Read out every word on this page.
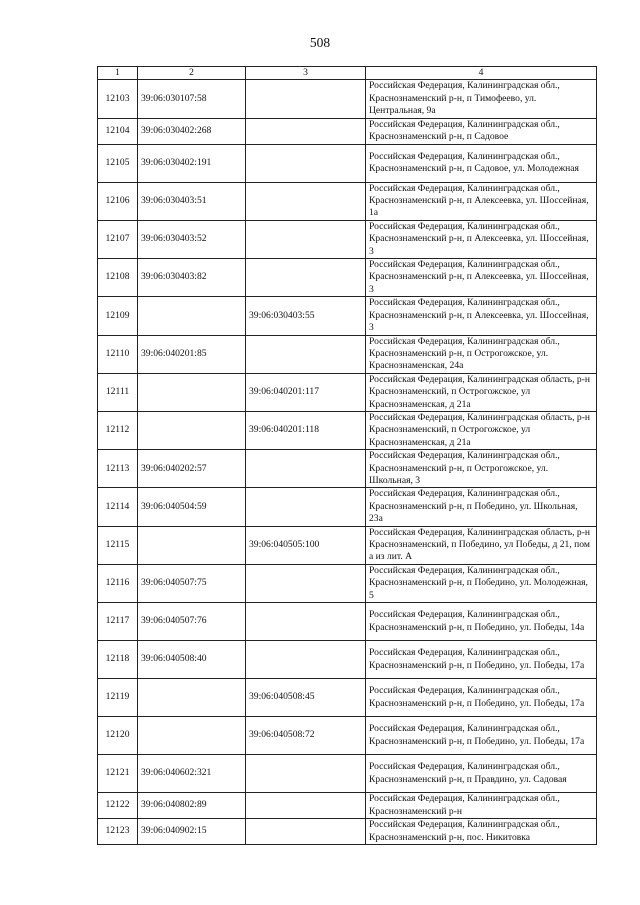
508
1	2	3	4
12103	39:06:030107:58		Российская Федерация, Калининградская обл., Краснознаменский р-н, п Тимофеево, ул. Центральная, 9а
12104	39:06:030402:268		Российская Федерация, Калининградская обл., Краснознаменский р-н, п Садовое
12105	39:06:030402:191		Российская Федерация, Калининградская обл., Краснознаменский р-н, п Садовое, ул. Молодежная
12106	39:06:030403:51		Российская Федерация, Калининградская обл., Краснознаменский р-н, п Алексеевка, ул. Шоссейная, 1а
12107	39:06:030403:52		Российская Федерация, Калининградская обл., Краснознаменский р-н, п Алексеевка, ул. Шоссейная, 3
12108	39:06:030403:82		Российская Федерация, Калининградская обл., Краснознаменский р-н, п Алексеевка, ул. Шоссейная, 3
12109		39:06:030403:55	Российская Федерация, Калининградская обл., Краснознаменский р-н, п Алексеевка, ул. Шоссейная, 3
12110	39:06:040201:85		Российская Федерация, Калининградская обл., Краснознаменский р-н, п Острогожское, ул. Краснознаменская, 24а
12111		39:06:040201:117	Российская Федерация, Калининградская область, р-н Краснознаменский, п Острогожское, ул Краснознаменская, д 21а
12112		39:06:040201:118	Российская Федерация, Калининградская область, р-н Краснознаменский, п Острогожское, ул Краснознаменская, д 21а
12113	39:06:040202:57		Российская Федерация, Калининградская обл., Краснознаменский р-н, п Острогожское, ул. Школьная, 3
12114	39:06:040504:59		Российская Федерация, Калининградская обл., Краснознаменский р-н, п Побединo, ул. Школьная, 23а
12115		39:06:040505:100	Российская Федерация, Калининградская область, р-н Краснознаменский, п Побединo, ул Победы, д 21, пом а из лит. А
12116	39:06:040507:75		Российская Федерация, Калининградская обл., Краснознаменский р-н, п Побединo, ул. Молодежная, 5
12117	39:06:040507:76		Российская Федерация, Калининградская обл., Краснознаменский р-н, п Побединo, ул. Победы, 14а
12118	39:06:040508:40		Российская Федерация, Калининградская обл., Краснознаменский р-н, п Побединo, ул. Победы, 17а
12119		39:06:040508:45	Российская Федерация, Калининградская обл., Краснознаменский р-н, п Побединo, ул. Победы, 17а
12120		39:06:040508:72	Российская Федерация, Калининградская обл., Краснознаменский р-н, п Побединo, ул. Победы, 17а
12121	39:06:040602:321		Российская Федерация, Калининградская обл., Краснознаменский р-н, п Правдино, ул. Садовая
12122	39:06:040802:89		Российская Федерация, Калининградская обл., Краснознаменский р-н
12123	39:06:040902:15		Российская Федерация, Калининградская обл., Краснознаменский р-н, пос. Никитовка
